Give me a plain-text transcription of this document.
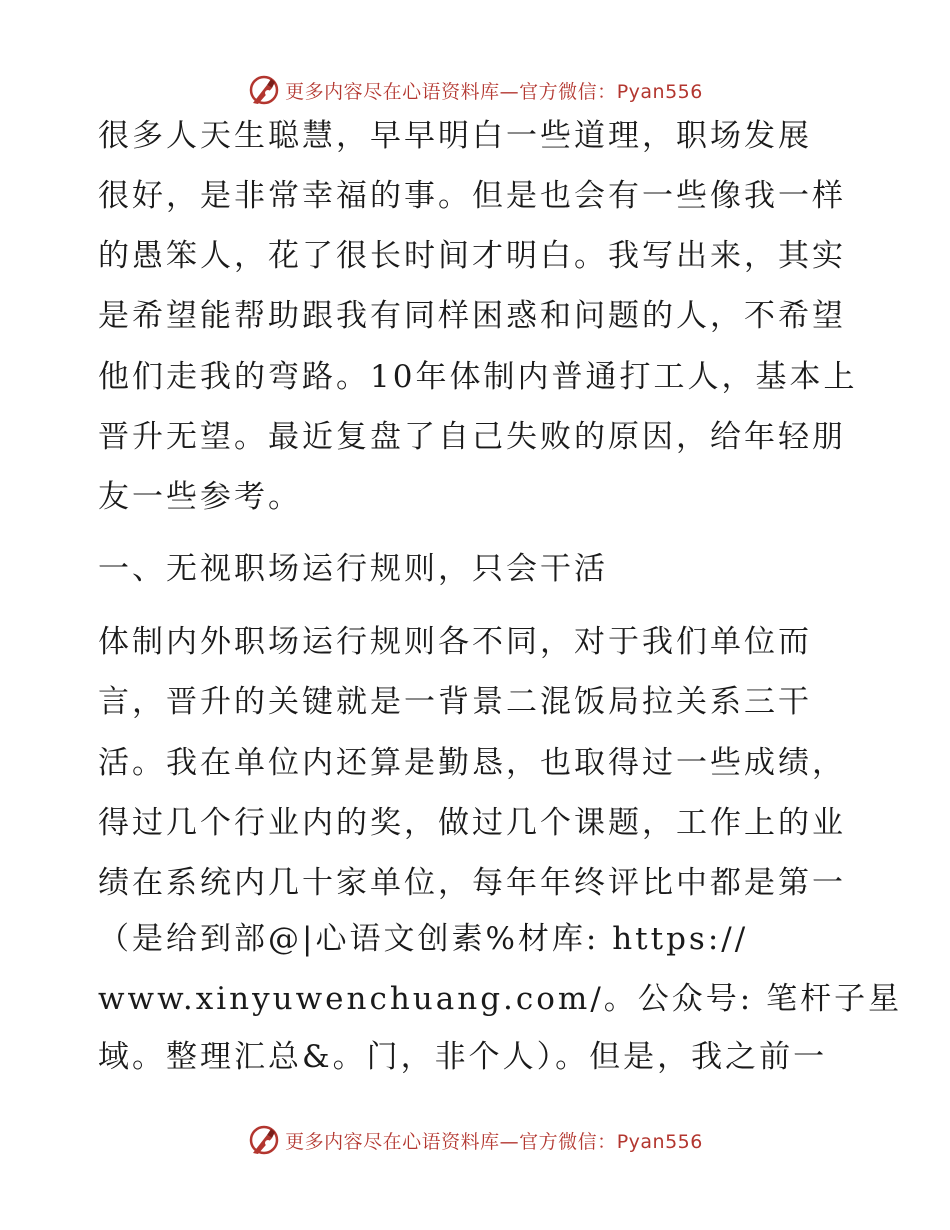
更多内容尽在心语资料库—官方微信：Pyan556
很多人天生聪慧，早早明白一些道理，职场发展
很好，是非常幸福的事。但是也会有一些像我一样
的愚笨人，花了很长时间才明白。我写出来，其实
是希望能帮助跟我有同样困惑和问题的人，不希望
他们走我的弯路。10年体制内普通打工人，基本上
晋升无望。最近复盘了自己失败的原因，给年轻朋
友一些参考。
一、无视职场运行规则，只会干活
体制内外职场运行规则各不同，对于我们单位而
言，晋升的关键就是一背景二混饭局拉关系三干
活。我在单位内还算是勤恳，也取得过一些成绩，
得过几个行业内的奖，做过几个课题，工作上的业
绩在系统内几十家单位，每年年终评比中都是第一
（是给到部@|心语文创素%材库: https://
www.xinyuwenchuang.com/。公众号: 笔杆子星
域。整理汇总&。门，非个人）。但是，我之前一
更多内容尽在心语资料库—官方微信：Pyan556
